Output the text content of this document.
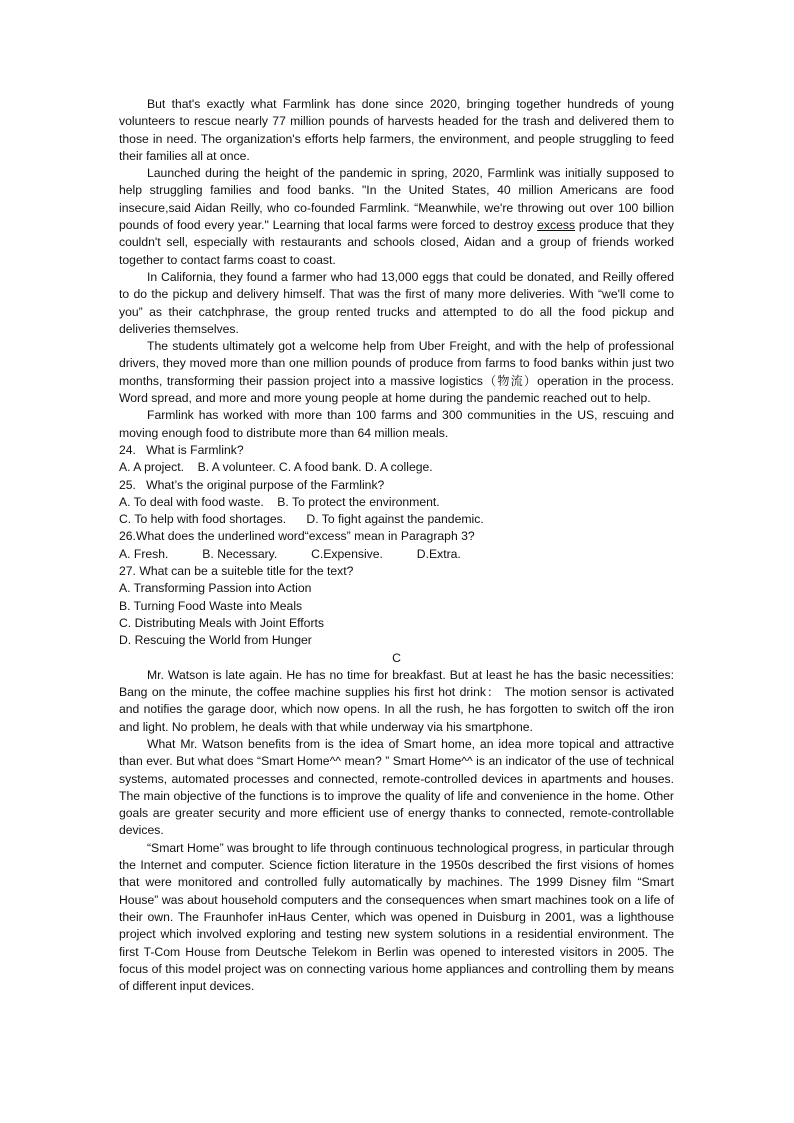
But that's exactly what Farmlink has done since 2020, bringing together hundreds of young volunteers to rescue nearly 77 million pounds of harvests headed for the trash and delivered them to those in need. The organization's efforts help farmers, the environment, and people struggling to feed their families all at once.

Launched during the height of the pandemic in spring, 2020, Farmlink was initially supposed to help struggling families and food banks. "In the United States, 40 million Americans are food insecure,said Aidan Reilly, who co-founded Farmlink. “Meanwhile, we're throwing out over 100 billion pounds of food every year." Learning that local farms were forced to destroy excess produce that they couldn't sell, especially with restaurants and schools closed, Aidan and a group of friends worked together to contact farms coast to coast.

In California, they found a farmer who had 13,000 eggs that could be donated, and Reilly offered to do the pickup and delivery himself. That was the first of many more deliveries. With “we'll come to you” as their catchphrase, the group rented trucks and attempted to do all the food pickup and deliveries themselves.

The students ultimately got a welcome help from Uber Freight, and with the help of professional drivers, they moved more than one million pounds of produce from farms to food banks within just two months, transforming their passion project into a massive logistics（物流）operation in the process. Word spread, and more and more young people at home during the pandemic reached out to help.

Farmlink has worked with more than 100 farms and 300 communities in the US, rescuing and moving enough food to distribute more than 64 million meals.

24.   What is Farmlink?

A. A project.    B. A volunteer. C. A food bank. D. A college.

25.   What’s the original purpose of the Farmlink?

A. To deal with food waste.    B. To protect the environment.

C. To help with food shortages.      D. To fight against the pandemic.

26.What does the underlined word“excess” mean in Paragraph 3?

A. Fresh.          B. Necessary.          C.Expensive.          D.Extra.

27. What can be a suiteble title for the text?

A. Transforming Passion into Action

B. Turning Food Waste into Meals

C. Distributing Meals with Joint Efforts

D. Rescuing the World from Hunger

C

Mr. Watson is late again. He has no time for breakfast. But at least he has the basic necessities: Bang on the minute, the coffee machine supplies his first hot drink： The motion sensor is activated and notifies the garage door, which now opens. In all the rush, he has forgotten to switch off the iron and light. No problem, he deals with that while underway via his smartphone.

What Mr. Watson benefits from is the idea of Smart home, an idea more topical and attractive than ever. But what does “Smart Home^^ mean? ” Smart Home^^ is an indicator of the use of technical systems, automated processes and connected, remote-controlled devices in apartments and houses. The main objective of the functions is to improve the quality of life and convenience in the home. Other goals are greater security and more efficient use of energy thanks to connected, remote-controllable devices.

“Smart Home” was brought to life through continuous technological progress, in particular through the Internet and computer. Science fiction literature in the 1950s described the first visions of homes that were monitored and controlled fully automatically by machines. The 1999 Disney film “Smart House” was about household computers and the consequences when smart machines took on a life of their own. The Fraunhofer inHaus Center, which was opened in Duisburg in 2001, was a lighthouse project which involved exploring and testing new system solutions in a residential environment. The first T-Com House from Deutsche Telekom in Berlin was opened to interested visitors in 2005. The focus of this model project was on connecting various home appliances and controlling them by means of different input devices.
